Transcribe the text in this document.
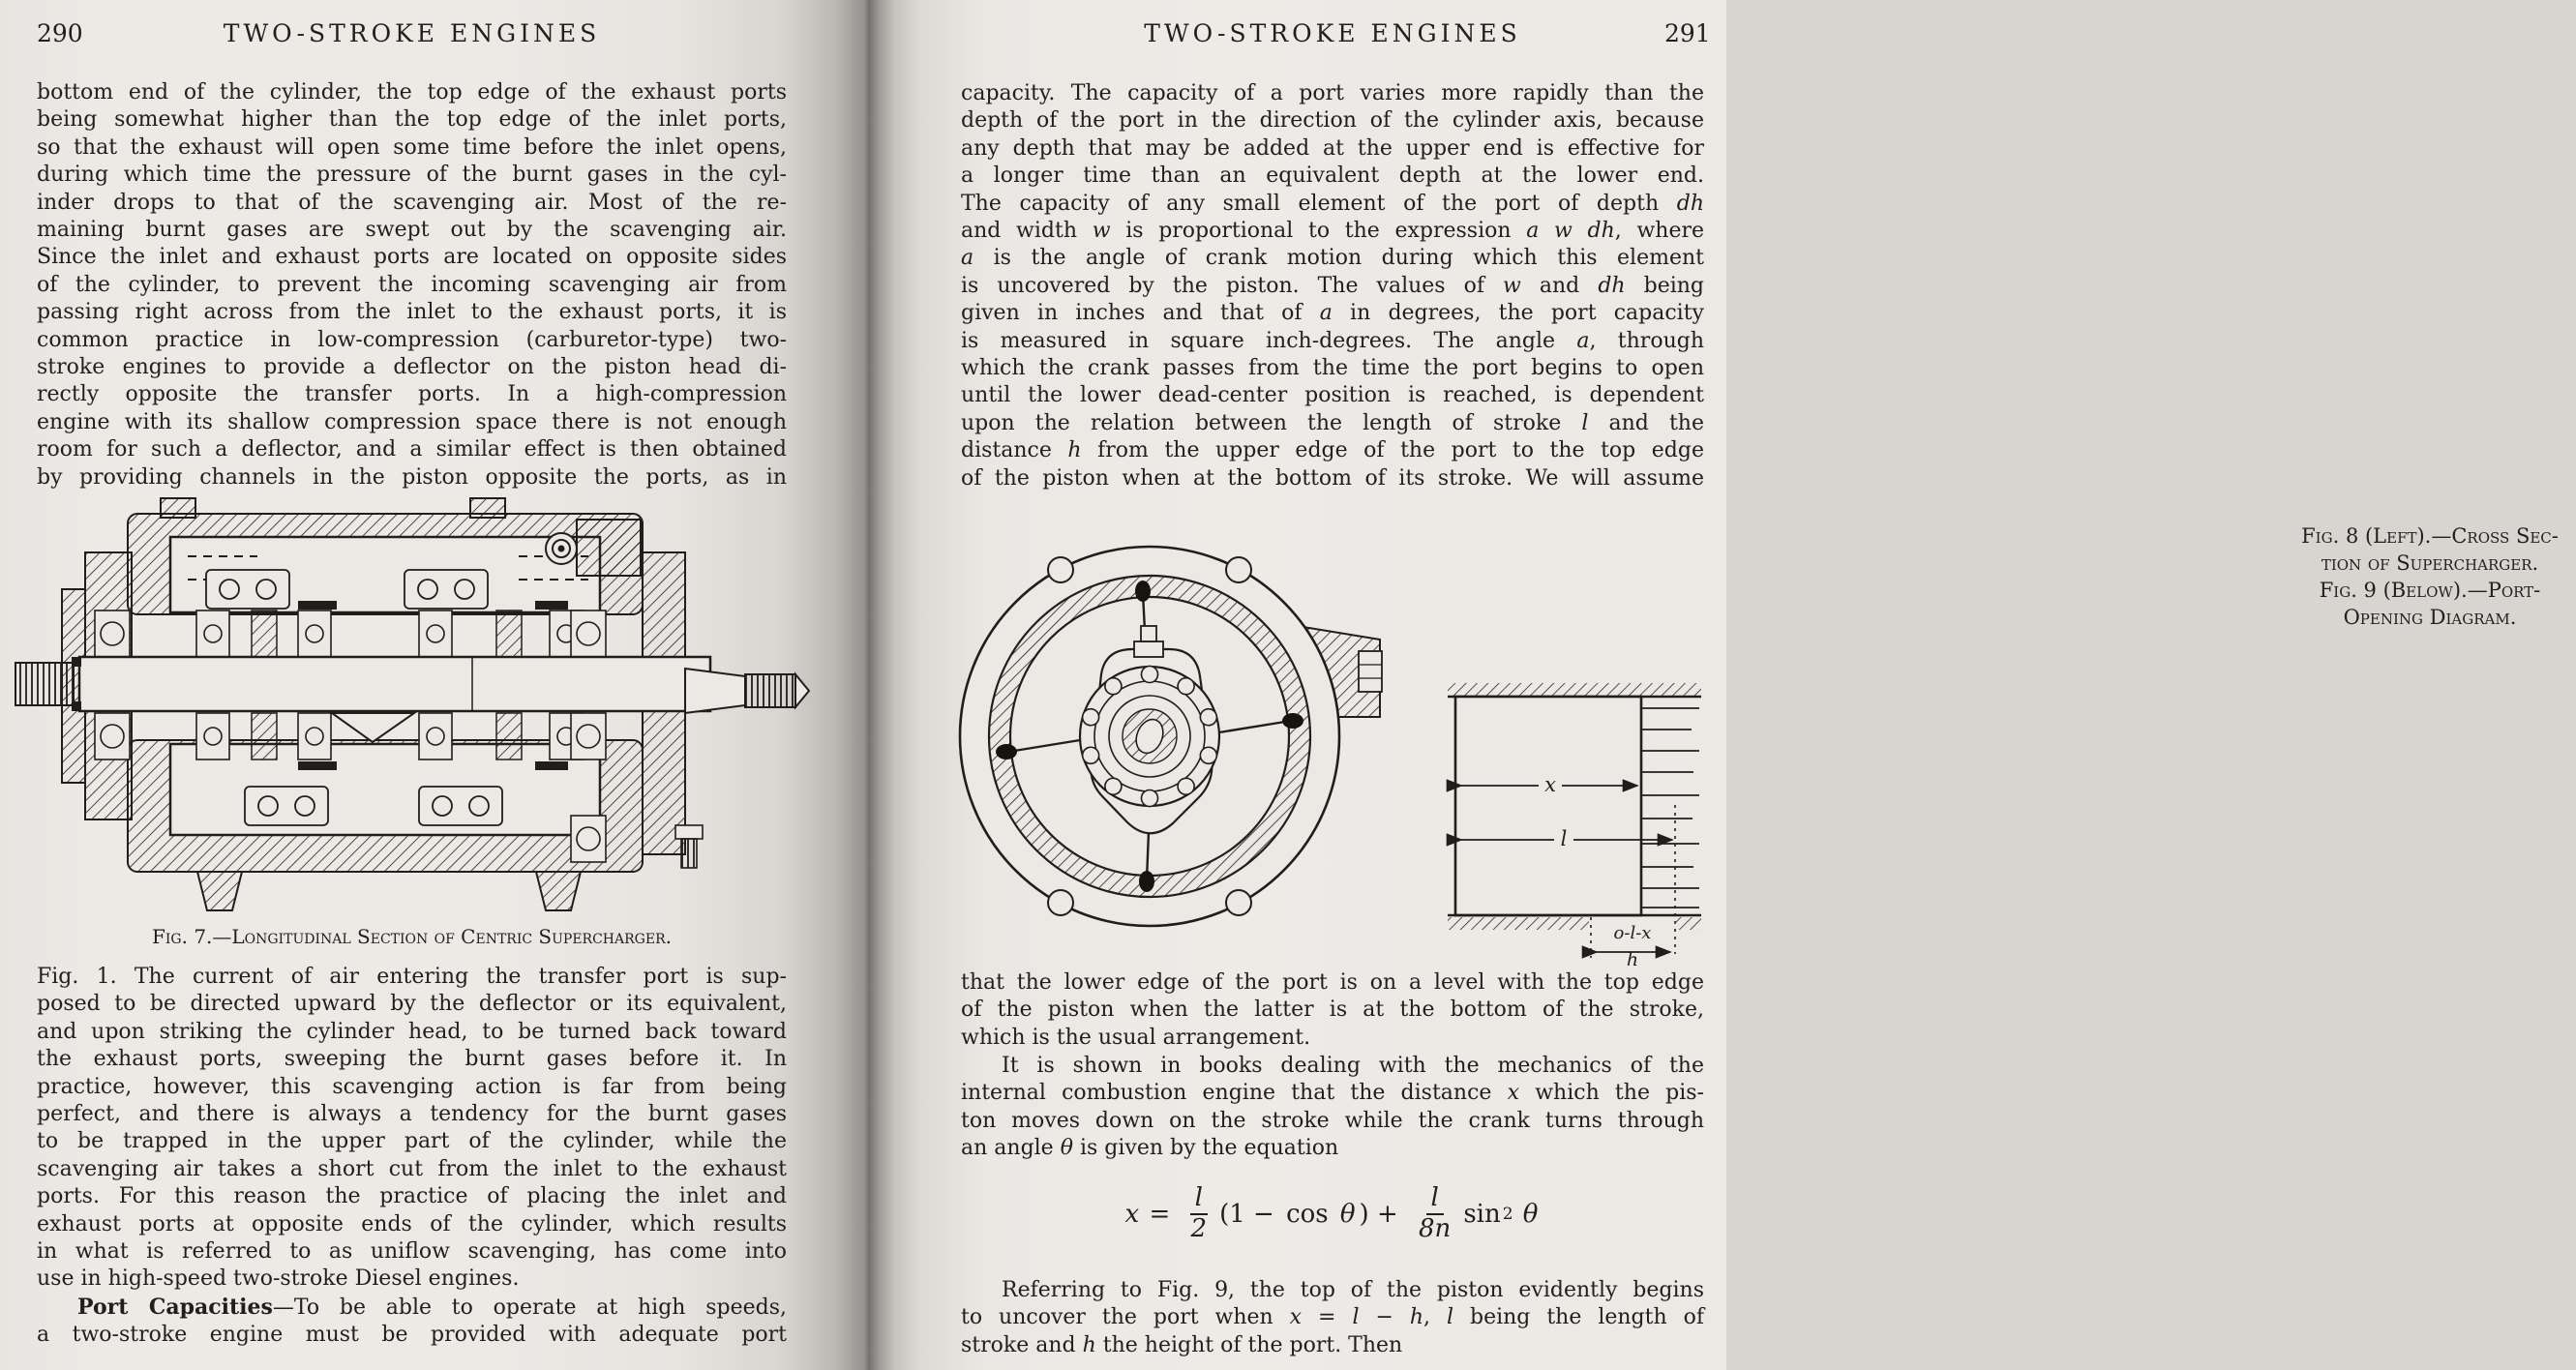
290	TWO-STROKE ENGINES
bottom end of the cylinder, the top edge of the exhaust ports
being somewhat higher than the top edge of the inlet ports,
so that the exhaust will open some time before the inlet opens,
during which time the pressure of the burnt gases in the cyl-
inder drops to that of the scavenging air. Most of the re-
maining burnt gases are swept out by the scavenging air.
Since the inlet and exhaust ports are located on opposite sides
of the cylinder, to prevent the incoming scavenging air from
passing right across from the inlet to the exhaust ports, it is
common practice in low-compression (carburetor-type) two-
stroke engines to provide a deflector on the piston head di-
rectly opposite the transfer ports. In a high-compression
engine with its shallow compression space there is not enough
room for such a deflector, and a similar effect is then obtained
by providing channels in the piston opposite the ports, as in
Fig. 7.—Longitudinal Section of Centric Supercharger.
Fig. 1. The current of air entering the transfer port is sup-
posed to be directed upward by the deflector or its equivalent,
and upon striking the cylinder head, to be turned back toward
the exhaust ports, sweeping the burnt gases before it. In
practice, however, this scavenging action is far from being
perfect, and there is always a tendency for the burnt gases
to be trapped in the upper part of the cylinder, while the
scavenging air takes a short cut from the inlet to the exhaust
ports. For this reason the practice of placing the inlet and
exhaust ports at opposite ends of the cylinder, which results
in what is referred to as uniflow scavenging, has come into
use in high-speed two-stroke Diesel engines.
Port Capacities—To be able to operate at high speeds,
a two-stroke engine must be provided with adequate port
TWO-STROKE ENGINES	291
capacity. The capacity of a port varies more rapidly than the
depth of the port in the direction of the cylinder axis, because
any depth that may be added at the upper end is effective for
a longer time than an equivalent depth at the lower end.
The capacity of any small element of the port of depth dh
and width w is proportional to the expression a w dh, where
a is the angle of crank motion during which this element
is uncovered by the piston. The values of w and dh being
given in inches and that of a in degrees, the port capacity
is measured in square inch-degrees. The angle a, through
which the crank passes from the time the port begins to open
until the lower dead-center position is reached, is dependent
upon the relation between the length of stroke l and the
distance h from the upper edge of the port to the top edge
of the piston when at the bottom of its stroke. We will assume
Fig. 8 (Left).—Cross Sec-
tion of Supercharger.
Fig. 9 (Below).—Port-
Opening Diagram.
x
l
o-l-x
h
that the lower edge of the port is on a level with the top edge
of the piston when the latter is at the bottom of the stroke,
which is the usual arrangement.
It is shown in books dealing with the mechanics of the
internal combustion engine that the distance x which the pis-
ton moves down on the stroke while the crank turns through
an angle θ is given by the equation
Referring to Fig. 9, the top of the piston evidently begins
to uncover the port when x = l − h, l being the length of
stroke and h the height of the port. Then
$x = \frac{l}{2} (1 - \cos \theta$ ) + $\frac{l}{8n}$ sin 2 θ
